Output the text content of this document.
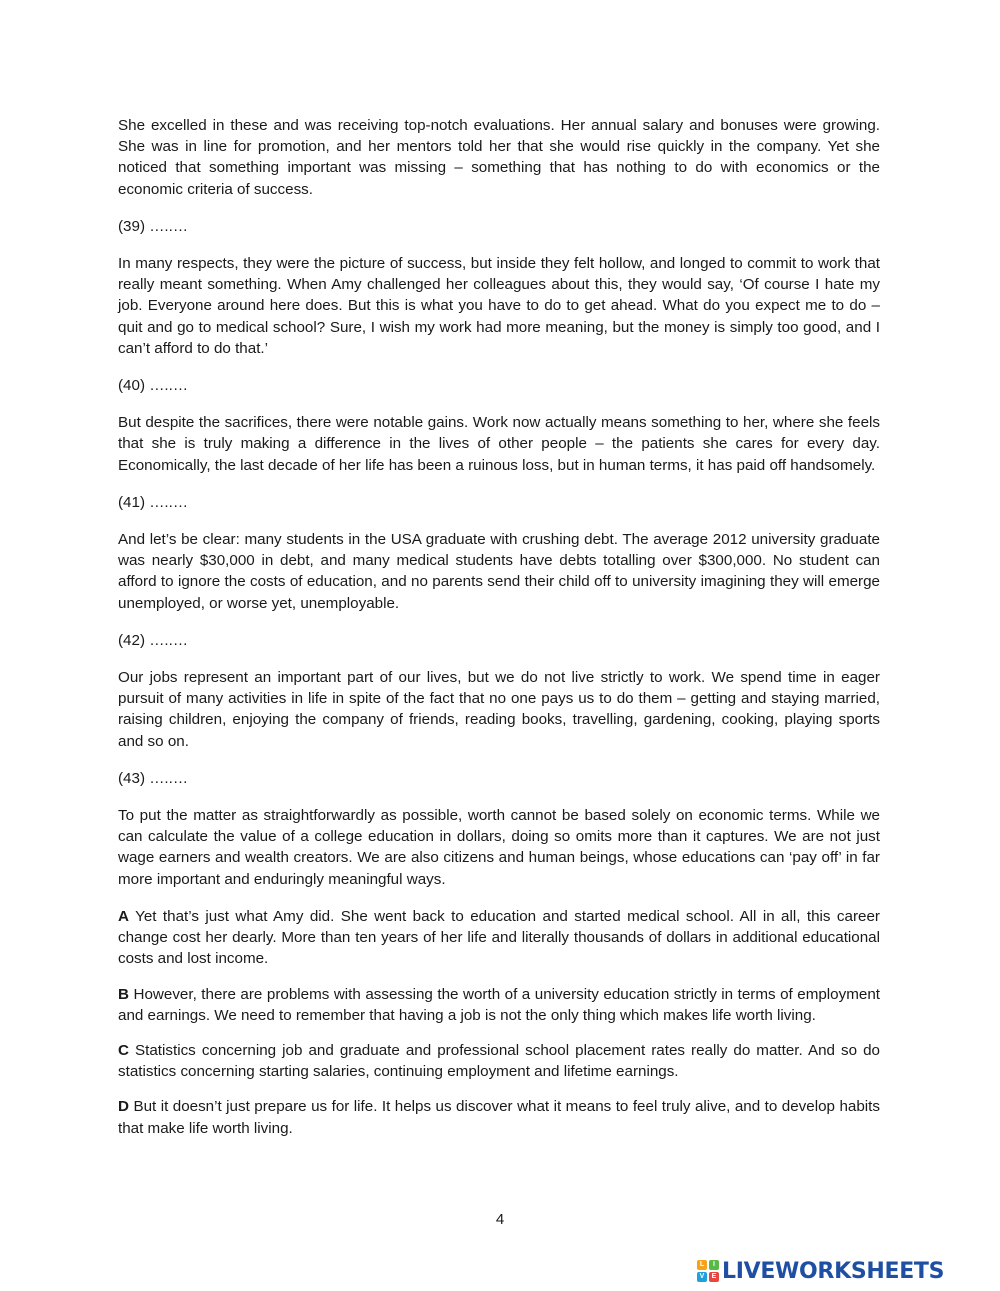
She excelled in these and was receiving top-notch evaluations. Her annual salary and bonuses were growing. She was in line for promotion, and her mentors told her that she would rise quickly in the company. Yet she noticed that something important was missing – something that has nothing to do with economics or the economic criteria of success.

(39) …..…

In many respects, they were the picture of success, but inside they felt hollow, and longed to commit to work that really meant something. When Amy challenged her colleagues about this, they would say, ‘Of course I hate my job. Everyone around here does. But this is what you have to do to get ahead. What do you expect me to do – quit and go to medical school? Sure, I wish my work had more meaning, but the money is simply too good, and I can’t afford to do that.’

(40) …..…

But despite the sacrifices, there were notable gains. Work now actually means something to her, where she feels that she is truly making a difference in the lives of other people – the patients she cares for every day. Economically, the last decade of her life has been a ruinous loss, but in human terms, it has paid off handsomely.

(41) …..…

And let’s be clear: many students in the USA graduate with crushing debt. The average 2012 university graduate was nearly $30,000 in debt, and many medical students have debts totalling over $300,000. No student can afford to ignore the costs of education, and no parents send their child off to university imagining they will emerge unemployed, or worse yet, unemployable.

(42) …..…

Our jobs represent an important part of our lives, but we do not live strictly to work. We spend time in eager pursuit of many activities in life in spite of the fact that no one pays us to do them – getting and staying married, raising children, enjoying the company of friends, reading books, travelling, gardening, cooking, playing sports and so on.

(43) …..…

To put the matter as straightforwardly as possible, worth cannot be based solely on economic terms. While we can calculate the value of a college education in dollars, doing so omits more than it captures. We are not just wage earners and wealth creators. We are also citizens and human beings, whose educations can ‘pay off’ in far more important and enduringly meaningful ways.

A Yet that’s just what Amy did. She went back to education and started medical school. All in all, this career change cost her dearly. More than ten years of her life and literally thousands of dollars in additional educational costs and lost income.

B However, there are problems with assessing the worth of a university education strictly in terms of employment and earnings. We need to remember that having a job is not the only thing which makes life worth living.

C Statistics concerning job and graduate and professional school placement rates really do matter. And so do statistics concerning starting salaries, continuing employment and lifetime earnings.

D But it doesn’t just prepare us for life. It helps us discover what it means to feel truly alive, and to develop habits that make life worth living.

4
L	I
V	E LIVEWORKSHEETS
